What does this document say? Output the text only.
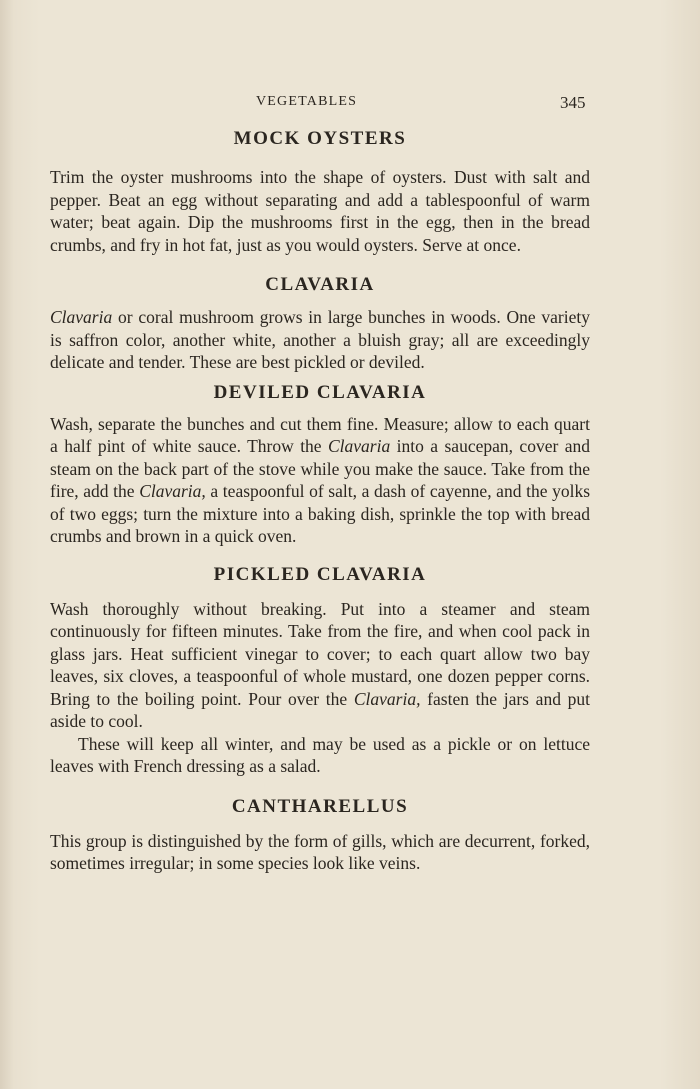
VEGETABLES	345
MOCK OYSTERS

Trim the oyster mushrooms into the shape of oysters. Dust with salt and pepper. Beat an egg without separating and add a tablespoonful of warm water; beat again. Dip the mushrooms first in the egg, then in the bread crumbs, and fry in hot fat, just as you would oysters. Serve at once.

CLAVARIA

Clavaria or coral mushroom grows in large bunches in woods. One variety is saffron color, another white, another a bluish gray; all are exceedingly delicate and tender. These are best pickled or deviled.

DEVILED CLAVARIA

Wash, separate the bunches and cut them fine. Measure; allow to each quart a half pint of white sauce. Throw the Clavaria into a saucepan, cover and steam on the back part of the stove while you make the sauce. Take from the fire, add the Clavaria, a teaspoonful of salt, a dash of cayenne, and the yolks of two eggs; turn the mixture into a baking dish, sprinkle the top with bread crumbs and brown in a quick oven.

PICKLED CLAVARIA

Wash thoroughly without breaking. Put into a steamer and steam continuously for fifteen minutes. Take from the fire, and when cool pack in glass jars. Heat sufficient vinegar to cover; to each quart allow two bay leaves, six cloves, a teaspoonful of whole mustard, one dozen pepper corns. Bring to the boiling point. Pour over the Clavaria, fasten the jars and put aside to cool.

These will keep all winter, and may be used as a pickle or on lettuce leaves with French dressing as a salad.

CANTHARELLUS

This group is distinguished by the form of gills, which are decurrent, forked, sometimes irregular; in some species look like veins.
